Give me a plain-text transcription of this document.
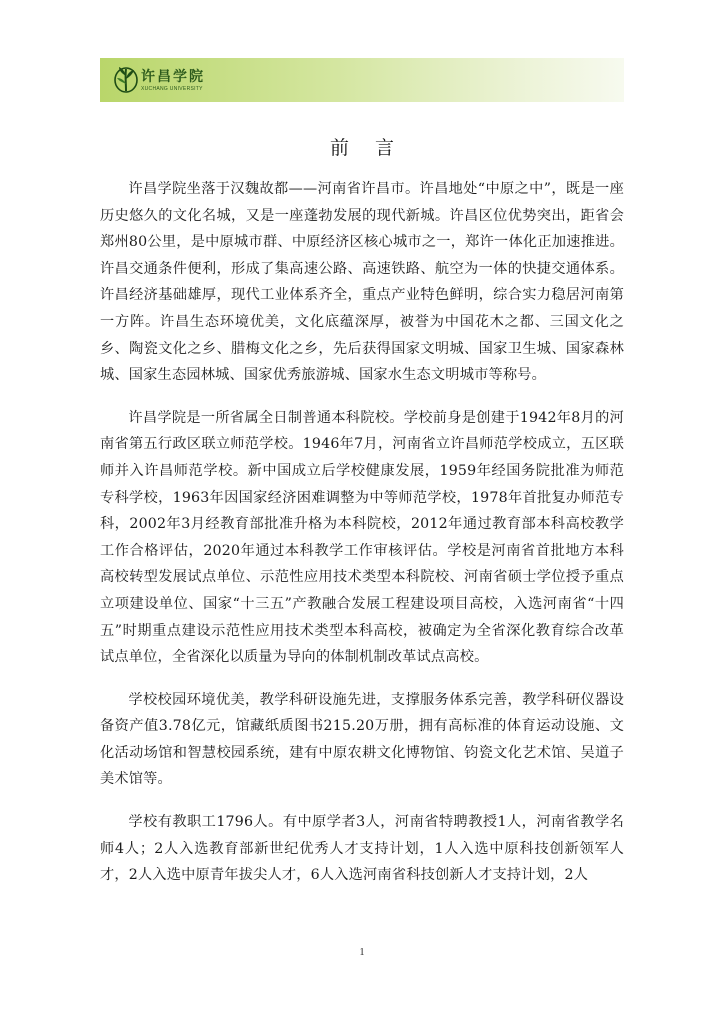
许昌学院
XUCHANG UNIVERSITY
前 言

许昌学院坐落于汉魏故都——河南省许昌市。许昌地处“中原之中”，既是一座历史悠久的文化名城，又是一座蓬勃发展的现代新城。许昌区位优势突出，距省会郑州80公里，是中原城市群、中原经济区核心城市之一，郑许一体化正加速推进。许昌交通条件便利，形成了集高速公路、高速铁路、航空为一体的快捷交通体系。许昌经济基础雄厚，现代工业体系齐全，重点产业特色鲜明，综合实力稳居河南第一方阵。许昌生态环境优美，文化底蕴深厚，被誉为中国花木之都、三国文化之乡、陶瓷文化之乡、腊梅文化之乡，先后获得国家文明城、国家卫生城、国家森林城、国家生态园林城、国家优秀旅游城、国家水生态文明城市等称号。

许昌学院是一所省属全日制普通本科院校。学校前身是创建于1942年8月的河南省第五行政区联立师范学校。1946年7月，河南省立许昌师范学校成立，五区联师并入许昌师范学校。新中国成立后学校健康发展，1959年经国务院批准为师范专科学校，1963年因国家经济困难调整为中等师范学校，1978年首批复办师范专科，2002年3月经教育部批准升格为本科院校，2012年通过教育部本科高校教学工作合格评估，2020年通过本科教学工作审核评估。学校是河南省首批地方本科高校转型发展试点单位、示范性应用技术类型本科院校、河南省硕士学位授予重点立项建设单位、国家“十三五”产教融合发展工程建设项目高校，入选河南省“十四五”时期重点建设示范性应用技术类型本科高校，被确定为全省深化教育综合改革试点单位，全省深化以质量为导向的体制机制改革试点高校。

学校校园环境优美，教学科研设施先进，支撑服务体系完善，教学科研仪器设备资产值3.78亿元，馆藏纸质图书215.20万册，拥有高标准的体育运动设施、文化活动场馆和智慧校园系统，建有中原农耕文化博物馆、钧瓷文化艺术馆、吴道子美术馆等。

学校有教职工1796人。有中原学者3人，河南省特聘教授1人，河南省教学名师4人；2人入选教育部新世纪优秀人才支持计划，1人入选中原科技创新领军人才，2人入选中原青年拔尖人才，6人入选河南省科技创新人才支持计划，2人

1
